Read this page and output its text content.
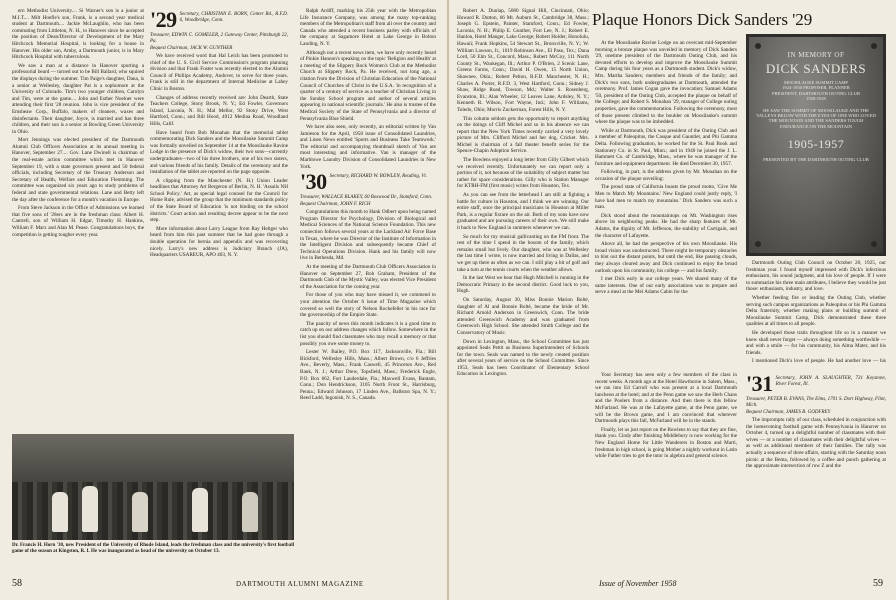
ern Methodist University.... Si Warner's son is a junior at M.I.T.... Milt Hoefle's son, Frank, is a second year medical student at Dartmouth.... Jackie McLaughlin, who has been commuting from Littleton, N. H., to Hanover since he accepted the position of Dean/Director of Development of the Mary Hitchcock Memorial Hospital, is looking for a house in Hanover. His older son, Amby, a Dartmouth junior, is in Mary Hitchcock Hospital with tuberculosis.

We saw a man at a distance in Hanover sporting a professorial beard — turned out to be Bill Ballard, who squired the displays during the summer. Tim Paige's daughter, Dana, is a senior at Wellesley, daughter Pat is a sophomore at the University of Colorado. Tim's two younger children, Carolyn and Tim, were at the game.... John and Esther Noelner were attending their first '28 reunion. John is vice president of the Emsheaw Corp., Buffalo, makers of cleaners, waxes and disinfectants. Their daughter, Joyce, is married and has three children, and their son is a senior at Bowling Green University in Ohio.

Mort Jennings was elected president of the Dartmouth Alumni Club Officers Association at its annual meeting in Hanover, September 27.... Gov. Lane Dwinell is chairman of the real-estate action committee which met in Hanover September 19, with a state governors present and 50 federal officials, including Secretary of the Treasury Anderson and Secretary of Health, Welfare and Education Flemming. The committee was organized six years ago to study problems of federal and state governmental relations. Lane and Betty left the day after the conference for a month's vacation in Europe.

From Steve Jackson in the Office of Admissions we learned that five sons of '28ers are in the freshman class: Albert H. Cantrell, son of William H. Edgar, Timothy H. Hankins, William F. Marx and Alan M. Pease. Congratulations boys, the competition is getting tougher every year.

Dr. Francis H. Horn '30, new President of the University of Rhode Island, leads the freshman class and the university's first football game of the season at Kingston, R. I. He was inaugurated as head of the university on October 13.
'29 Secretary, CHRISTIAN E. BORN, Center Rd., R.F.D. 6, Woodbridge, Conn.
Treasurer, EDWIN C. GOMELER, 2 Gateway Center, Pittsburgh 22, Pa.
Bequest Chairman, JACK W. GUNTHER

We have received word that Hal Leich has been promoted to chief of the U. S. Civil Service Commission's program planning division and that Frank Foster was recently elected to the Alumni Council of Phillips Academy, Andover, to serve for three years. Frank is still in the department of Internal Medicine at Lahey Clinic in Boston.

Changes of address recently received are: John Dearth, State Teachers College, Stony Brook, N. Y.; Ed Fowler, Governors Island, Laconia, N. H.; Mal Mellor, 92 Stony Drive, West Hartford, Conn.; and Bill Hood, 4912 Medina Road, Woodland Hills, Calif.

Have heard from Bob Monahan that the memorial tablet commemorating Dick Sanders and the Moosilauke Summit Camp was formally unveiled on September 14 at the Moosilauke Ravine Lodge in the presence of Dick's widow, their two sons—currently undergraduates—two of his three brothers, one of his two sisters, and various friends of his family. Details of the ceremony and the installation of the tablet are reported on the page opposite.

A clipping from the Manchester (N. H.) Union Leader headlines that Attorney Art Bergeron of Berlin, N. H. 'Assails NH School Policy.' Art, as special legal counsel for the Council for Home Rule, advised the group that the minimum standards policy of the State Board of Education 'is not binding on the school districts.' Court action and resulting decree appear to be the next step.

More information about Larry League from Ray Heltger who heard from him this past summer that he had gone through a double operation for hernia and appendix and was recovering nicely. Larry's new address is Judiciary Branch (JA), Headquarters USAREUR, APO 403, N. Y.

Ralph Ardiff, marking his 25th year with the Metropolitan Life Insurance Company, was among the many top-ranking members of the Metropolitan's staff from all over the country and Canada who attended a recent business parley with officials of the company at Sagamore Hotel at Lake George in Bolton Landing, N. Y.

Although not a recent news item, we have only recently heard of Pinkie Hannon's speaking on the topic 'Religion and Health' at a meeting of the Slippery Rock Women's Club at the Methodist Church at Slippery Rock, Pa. He received, not long ago, a citation from the Division of Christian Education of the National Council of Churches of Christ in the U.S.A. 'in recognition of a quarter of a century of service as a teacher of Christian Living in the Sunday School program and author of several articles appearing in national scientific journals.' He also is trustee of the Medical Society of the State of Pennsylvania and a director of Pennsylvania Blue Shield.

We have also seen, only recently, an editorial written by Van Jamieson for the April, 1958 issue of Consolidated Laundries, and Linen News entitled 'Sports and Business Take Teamwork.' The editorial and accompanying thumbnail sketch of Van are most interesting and informative. Van is manager of the Marblowe Laundry Division of Consolidated Laundries in New York.

'30 Secretary, RICHARD W. BOWLEN, Reading, Vt.
Treasurer, WALLACE BLAKEY, 60 Boxwood Dr., Stamford, Conn.
Bequest Chairman, JOHN F. RICH

Congratulations this month to Hank Odbert upon being named Program Director for Psychology, Division of Biological and Medical Sciences of the National Science Foundation. This new connection follows several years at the Lackland Air Force Base in Texas, where he was Director of the Institute of Information in the Intelligent Division and subsequently became Chief of Technical Operations Division. Hank and his family will now live in Bethesda, Md.

At the meeting of the Dartmouth Club Officers Association in Hanover on September 27, Bob Graham, President of the Dartmouth Club of the Mystic Valley, was elected Vice President of the Association for the coming year.

For those of you who may have missed it, we commend to your attention the October 6 issue of Time Magazine which covered so well the story of Nelson Rockefeller in his race for the governorship of the Empire State.

The paucity of news this month indicates it is a good time to catch up on our address changes which follow. Somewhere in the list you should find classmates who may recall a memory or that possibly you owe some money to.

Lester W. Bailey, P.O. Box 117, Jacksonville, Fla.; Bill Bickford, Wellesley Hills, Mass.; Albert Brown, c/o 6 Jeffries Ave., Beverly, Mass.; Frank Caswell, 45 Princeton Ave., Red Bank, N. J.; Arthur Drew, Topsfield, Mass.; Frederick Engle, P.O. Box 662, Fort Lauderdale, Fla.; Maxwell Evans, Bantam, Conn.; Don Hendrickson, 3105 North Front St., Harrisburg, Penna.; Edward Johnson, 17 Linden Ave., Ballston Spa, N. Y.; Reed Ladd, Ingonish, N. S., Canada.

58	DARTMOUTH ALUMNI MAGAZINE

Robert A. Dunlap, 5080 Signal Hill, Cincinnati, Ohio; Howard R. Dutton, 66 Mt. Auburn St., Cambridge 38, Mass.; Joseph G. Epstein, Painter, Stamford, Conn.; Ed Fowler, Laconia, N. H.; Philip E. Gunther, Fort Lee, N. J.; Robert E. Hanlon, Hotel Manger, Lake George; Robert Holder, Honolulu, Hawaii; Frank Hopkins, 54 Stewart St., Bronxville, N. Y.; W. William Lawson, Jr., 1019 Robinson Ave., El Paso, Tex.; Dana Lord, 50 Elm St., Concord, Mass.; Robert McCoy, 111 North County St., Waukegan, Ill.; Arthur P. O'Brien, 2 Scenic Lane, Greens Farms, Conn.; David H. Owen, 15 North Union, Shawnee, Okla.; Robert Pelton, R.F.D. Manchester, N. H.; Charles A. Porter, R.F.D. 3, West Hartford, Conn.; Sidney J. Shaw, Ridge Road, Towson, Md.; Walter S. Rosenberg, Evanston, Ill.; Alan Wheeler, 12 Leaves Lane, Ardsley, N. Y.; Kenneth R. Wilson, Fort Wayne, Ind.; John F. Williams, Toledo, Ohio; Morris Zuckerman, Forest Hills, N. Y.

This column seldom gets the opportunity to report anything on the doings of Cliff Michel and so in his absence we can report that the New York Times recently carried a very lovely picture of Mrs. Clifford Michel and her dog, Cricket. Mrs. Michel is chairman of a fall theater benefit series for the Spence-Chapin Adoption Service.

The Bowlens enjoyed a long letter from Gilly Gilbert which we received recently. Unfortunately we can report only a portion of it, not because of the suitability of subject matter but rather for space considerations. Gilly who is Station Manager for KTRH-FM (first music) writes from Houston, Tex.

As you can see from the letterhead I am still at fighting a battle for culture in Houston, and I think we are winning. Our entire staff, once the principal musicians in Houston at Miller Park, is a regular fixture on the air. Both of my sons have now graduated and are pursuing careers of their own. We still make it back to New England in summers whenever we can.

So much for my musical gallivanting on the FM front. The rest of the time I spend in the bosom of the family, which remains small but lively. Our daughter, who was at Wellesley the last time I wrote, is now married and living in Dallas, and we get up there as often as we can. I still play a bit of golf and take a turn at the tennis courts when the weather allows.

In the last West we hear that Hugh Mitchell is running in the Democratic Primary in the second district. Good luck to you, Hugh.

On Saturday, August 30, Miss Bonnie Marion Bolté, daughter of Al and Bonnie Bolté, became the bride of Mr. Richard Arnold Anderson in Greenwich, Conn. The bride attended Greenwich Academy and was graduated from Greenwich High School. She attended Smith College and the Conservatory of Music.

Down in Lexington, Mass., the School Committee has just appointed Seals Pettit as Business Superintendent of Schools for the town. Seals was named to the newly created position after several years of service on the School Committee. Since 1953, Seals has been Coordinator of Elementary School Education in Lexington.

Plaque Honors Dick Sanders '29

At the Moosilauke Ravine Lodge on an overcast mid-September morning a bronze plaque was unveiled in memory of Dick Sanders '29, onetime president of the Dartmouth Outing Club, and his devoted efforts to develop and improve the Moosilauke Summit Camp during his four years as a Dartmouth student. Dick's widow, Mrs. Martha Sanders; members and friends of the family; and Dick's two sons, both undergraduates at Dartmouth, attended the ceremony. Prof. James Cogan gave the invocation; Samuel Adams '50, president of the Outing Club, accepted the plaque on behalf of the College; and Robert S. Monahan '29, manager of College outing properties, gave the commemoration. Following the ceremony, most of those present climbed to the boulder on Moosilauke's summit where the plaque was to be imbedded.

While at Dartmouth, Dick was president of the Outing Club and a member of Paleopitus, the Casque and Gauntlet, and Phi Gamma Delta. Following graduation, he worked for the St. Paul Book and Stationery Co. in St. Paul, Minn.; and in 1940 he joined the J. L. Hammett Co. of Cambridge, Mass., where he was manager of the furniture and equipment department. He died December 30, 1957.

Following, in part, is the address given by Mr. Monahan on the occasion of the plaque unveiling:

The proud state of California boasts the proud motto, 'Give Me Men to Match My Mountains.' New England could justly reply, 'I have had men to match my mountains.' Dick Sanders was such a man.

Dick stood about the mountaintops on Mt. Washington rises above its neighboring peaks. He had the sharp features of Mt. Adams, the dignity of Mt. Jefferson, the stability of Carrigain, and the character of Lafayette.

Above all, he had the perspective of his own Moosilauke. His broad vision was unobstructed. There might be temporary obstacles to blot out the distant points, but until the end, like passing clouds, they always cleared away and Dick continued to enjoy the broad outlook upon his community, his college — and his family.

I met Dick early in our college years. We shared many of the same interests. One of our early associations was to prepare and serve a meal at the Mel Adams Cabin for the

IN MEMORY OF
DICK SANDERS
MOOSILAUKE SUMMIT CAMP
1924-1930 PROPOSER, PLANNER
PRESIDENT, DARTMOUTH OUTING CLUB
1928-1929
HE SAW THE SUMMIT OF MOOSILAUKE AND THE VALLEYS BELOW WITH THE EYES OF ONE WHO LOVED THE MOUNTAIN AND THE SANDERS TOUGH ENDURANCE ON THE MOUNTAIN
1905-1957
PRESENTED BY THE DARTMOUTH OUTING CLUB

Dartmouth Outing Club Council on October 20, 1925, our freshman year. I found myself impressed with Dick's infectious enthusiasm, his sound judgment, and his love of people. If I were to summarize his three main attributes, I believe they would be just those: enthusiasm, industry, and love.

Whether feeding fire or leading the Outing Club, whether serving such campus organizations as Paleopitus or his Phi Gamma Delta fraternity, whether making plans or building summit of Moosilauke Summit Camp, Dick demonstrated these three qualities at all times to all people.

He developed those traits throughout life so in a manner we knew shall never forget — always doing something worthwhile — and with a smile — for his community, his Alma Mater, and his friends.

I mentioned Dick's love of people. He had another love — his

Your Secretary has seen only a few members of the class in recent weeks. A month ago at the Hotel Hawthorne in Salem, Mass., we ran into Ed Carroll who was present at a local Dartmouth luncheon at the hotel; and at the Penn game we saw the Herb Chans and the Poolers from a distance. And then there is this fellow McFarland. He was at the Lafayette game, at the Penn game, we will be the Brown game, and I am convinced that wherever Dartmouth plays this fall, McFarland will be in the stands.

Finally, let us just report on the Bowlens to say that they are fine, thank you. Cindy after finishing Middlebury is now working for the New England Home for Little Wanderers in Boston and Marti, freshman in high school, is going Mother a nightly workout in Latin while Father tries to get the tutor in algebra and general science.

'31 Secretary, JOHN A. SLAUGHTER, 731 Keystone, River Forest, Ill.
Treasurer, PETER B. EVANS, The Elms, 1701 S. Dort Highway, Flint, Mich.
Bequest Chairman, JAMES B. GODFREY

The impromptu rally of our class, scheduled in conjunction with the homecoming football game with Pennsylvania in Hanover on October 4, turned up a delightful number of classmates with their wives — or a number of classmates with their delightful wives — as well as additional members of their families. The rally was actually a sequence of three affairs, starting with the Saturday noon picnic at the Bema, followed by a coffee and punch gathering at the approximate intersection of row Z and the

Issue of November 1958	59
